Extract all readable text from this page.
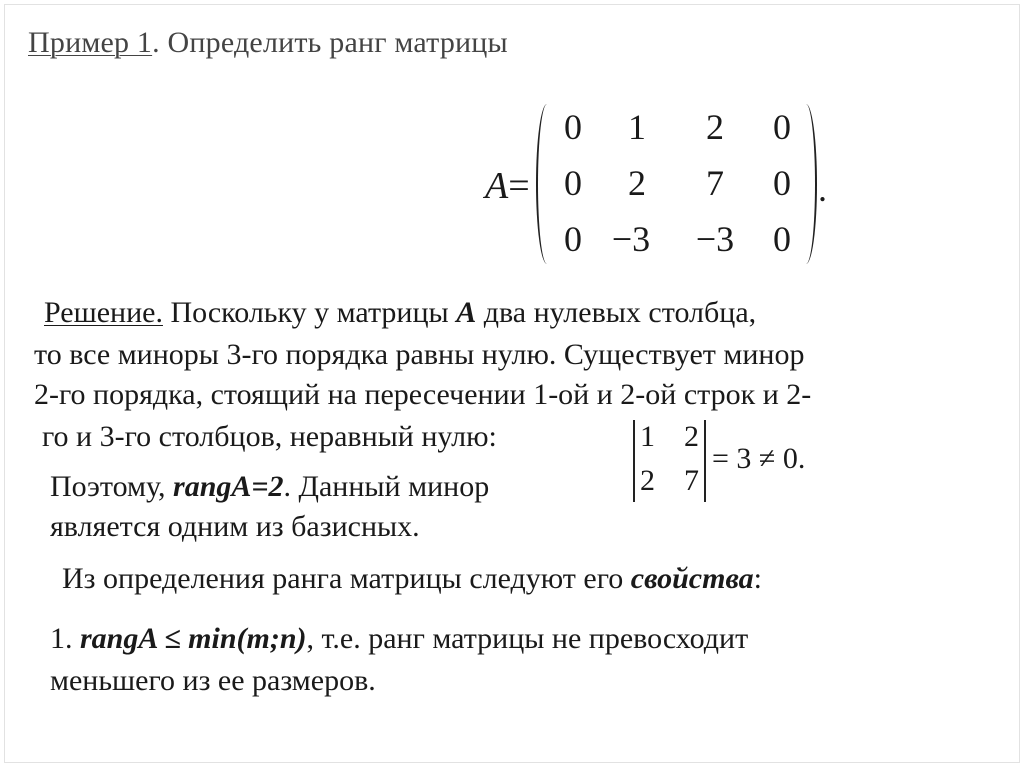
Пример 1. Определить ранг матрицы
A=
0	1	2	0
0	2	7	0
0 −3	−3	0
.
Решение. Поскольку у матрицы A два нулевых столбца,
то все миноры 3-го порядка равны нулю. Существует минор
2-го порядка, стоящий на пересечении 1-ой и 2-ой строк и 2-
го и 3-го столбцов, неравный нулю:	1 2
2 7
= 3 ≠ 0.
Поэтому, rangA=2. Данный минор
является одним из базисных.
Из определения ранга матрицы следуют его свойства:
1. rangA ≤ min(m;n), т.е. ранг матрицы не превосходит
меньшего из ее размеров.
